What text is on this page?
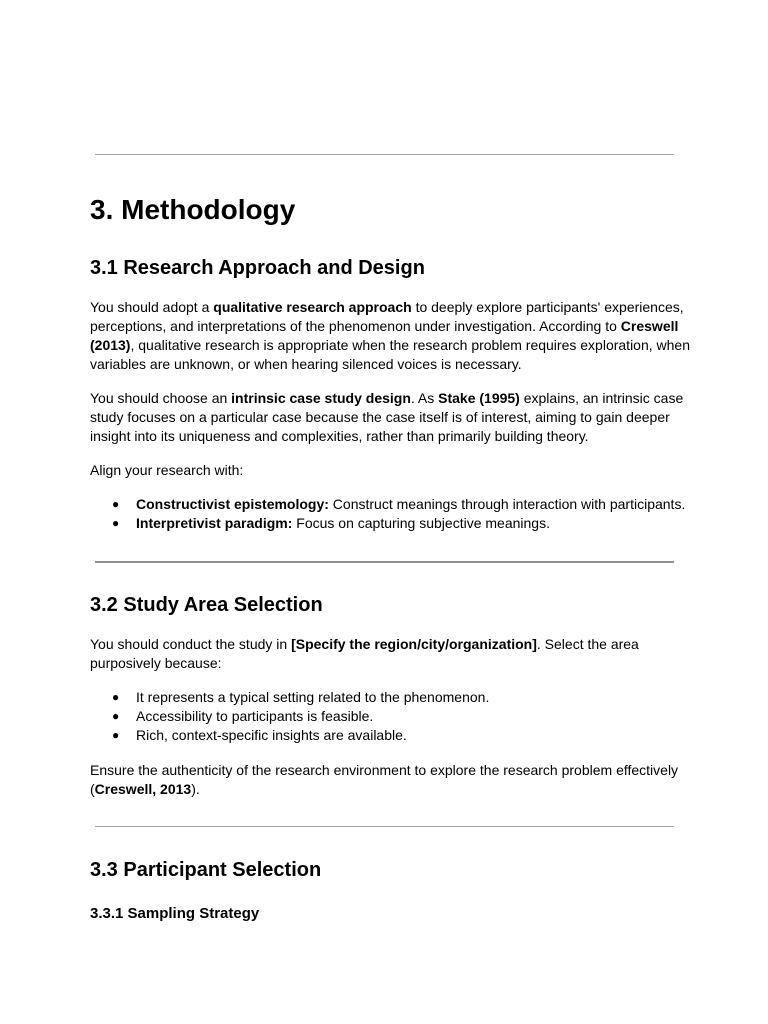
3. Methodology
3.1 Research Approach and Design

You should adopt a qualitative research approach to deeply explore participants' experiences, perceptions, and interpretations of the phenomenon under investigation. According to Creswell (2013), qualitative research is appropriate when the research problem requires exploration, when variables are unknown, or when hearing silenced voices is necessary.

You should choose an intrinsic case study design. As Stake (1995) explains, an intrinsic case study focuses on a particular case because the case itself is of interest, aiming to gain deeper insight into its uniqueness and complexities, rather than primarily building theory.

Align your research with:

● Constructivist epistemology: Construct meanings through interaction with participants.
● Interpretivist paradigm: Focus on capturing subjective meanings.
3.2 Study Area Selection

You should conduct the study in [Specify the region/city/organization]. Select the area purposively because:

● It represents a typical setting related to the phenomenon.
● Accessibility to participants is feasible.
● Rich, context-specific insights are available.

Ensure the authenticity of the research environment to explore the research problem effectively (Creswell, 2013).

3.3 Participant Selection
3.3.1 Sampling Strategy
